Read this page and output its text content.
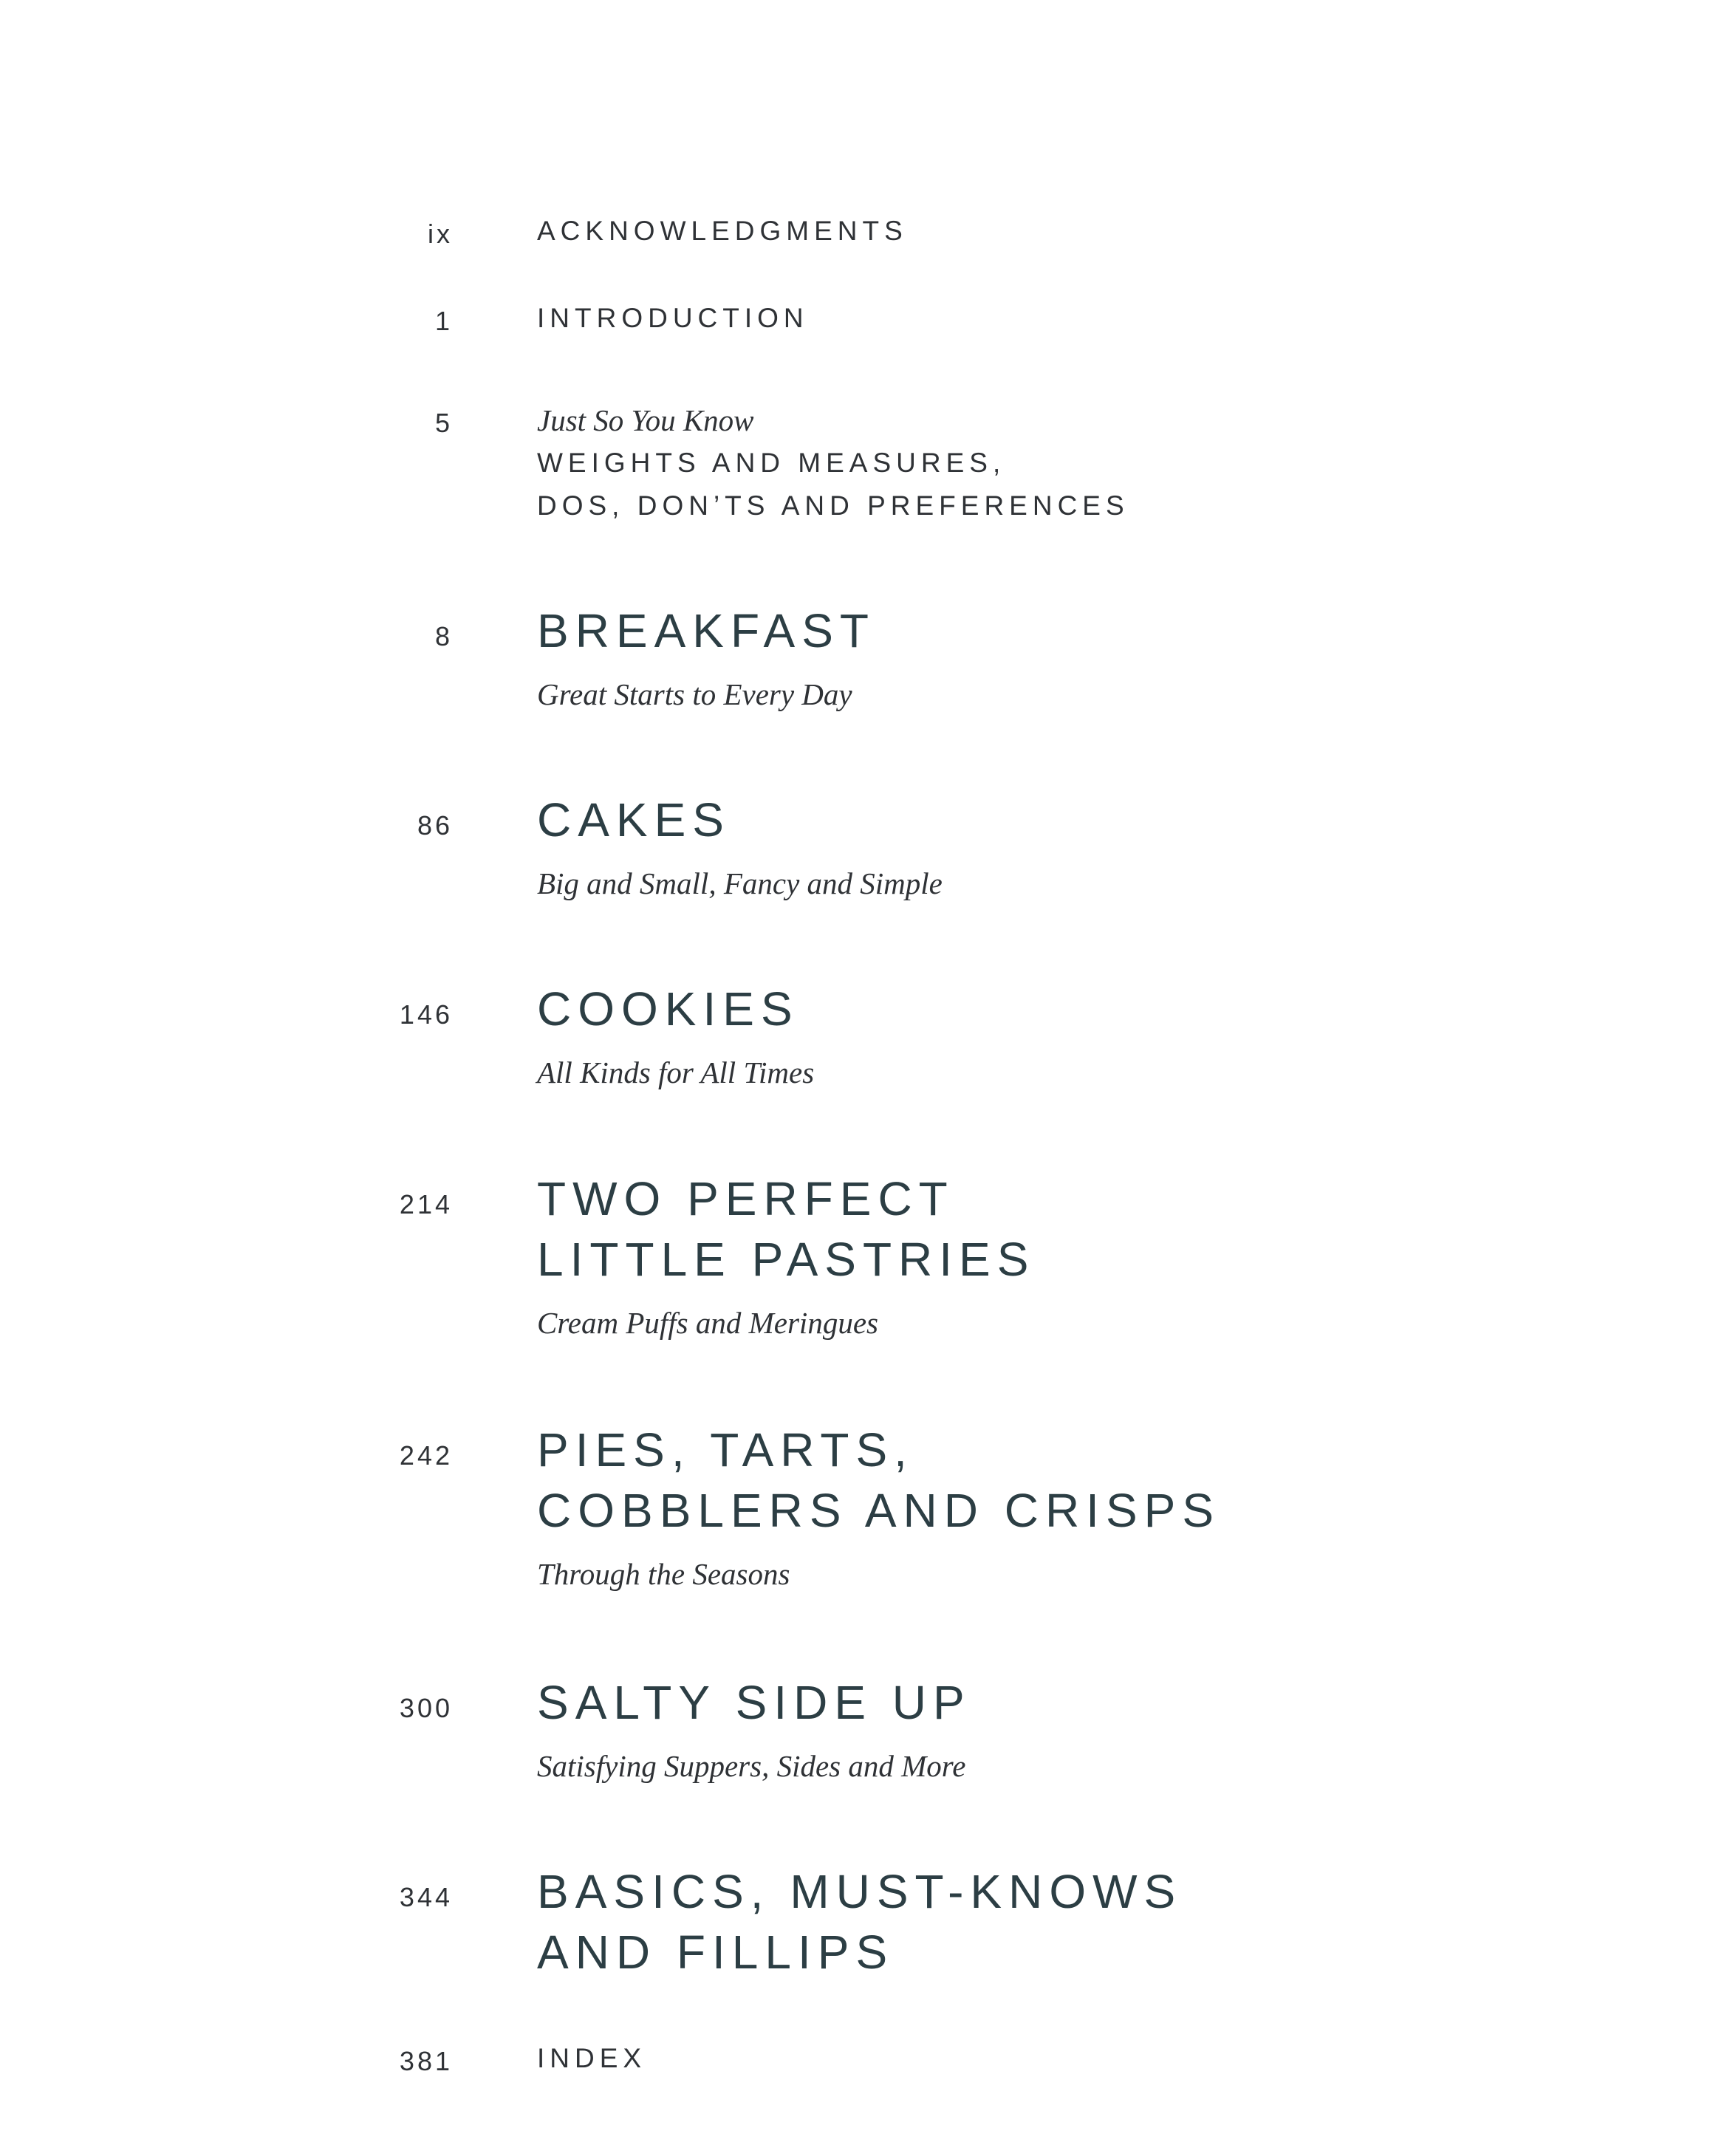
ix	ACKNOWLEDGMENTS
1	INTRODUCTION
5	Just So You Know
WEIGHTS AND MEASURES,
DOS, DON’TS AND PREFERENCES
8 BREAKFAST
Great Starts to Every Day
86 CAKES
Big and Small, Fancy and Simple
146 COOKIES
All Kinds for All Times
214 TWO PERFECT
LITTLE PASTRIES
Cream Puffs and Meringues
242 PIES, TARTS,
COBBLERS AND CRISPS
Through the Seasons
300 SALTY SIDE UP
Satisfying Suppers, Sides and More
344 BASICS, MUST-KNOWS
AND FILLIPS
381	INDEX
